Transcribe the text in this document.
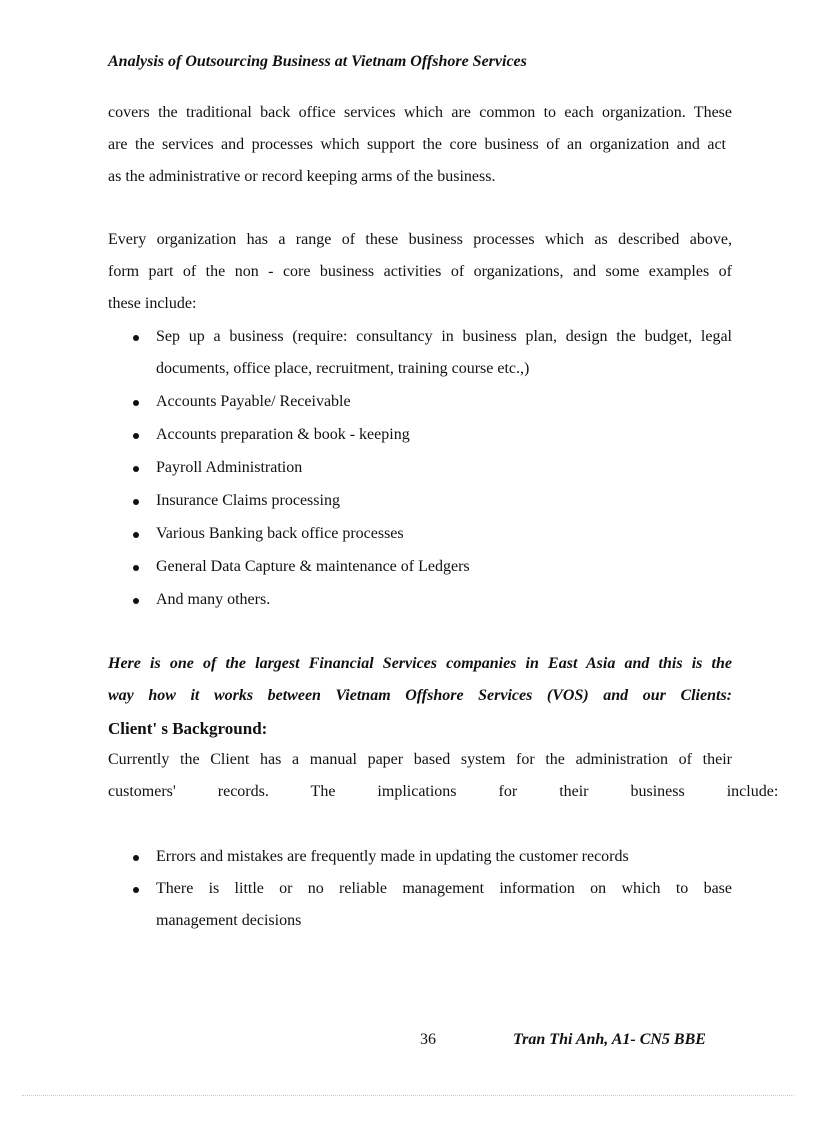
Analysis of Outsourcing Business at Vietnam Offshore Services
covers the traditional back office services which are common to each organization. These
are the services and processes which support the core business of an organization and act
as the administrative or record keeping arms of the business.
Every organization has a range of these business processes which as described above,
form part of the non - core business activities of organizations, and some examples of
these include:
Sep up a business (require: consultancy in business plan, design the budget, legal
documents, office place, recruitment, training course etc.,)
Accounts Payable/ Receivable
Accounts preparation & book - keeping
Payroll Administration
Insurance Claims processing
Various Banking back office processes
General Data Capture & maintenance of Ledgers
And many others.
Here is one of the largest Financial Services companies in East Asia and this is the
way how it works between Vietnam Offshore Services (VOS) and our Clients:
Client' s Background:
Currently the Client has a manual paper based system for the administration of their
customers' records. The implications for their business include:
Errors and mistakes are frequently made in updating the customer records
There is little or no reliable management information on which to base
management decisions
36	Tran Thi Anh, A1- CN5 BBE
